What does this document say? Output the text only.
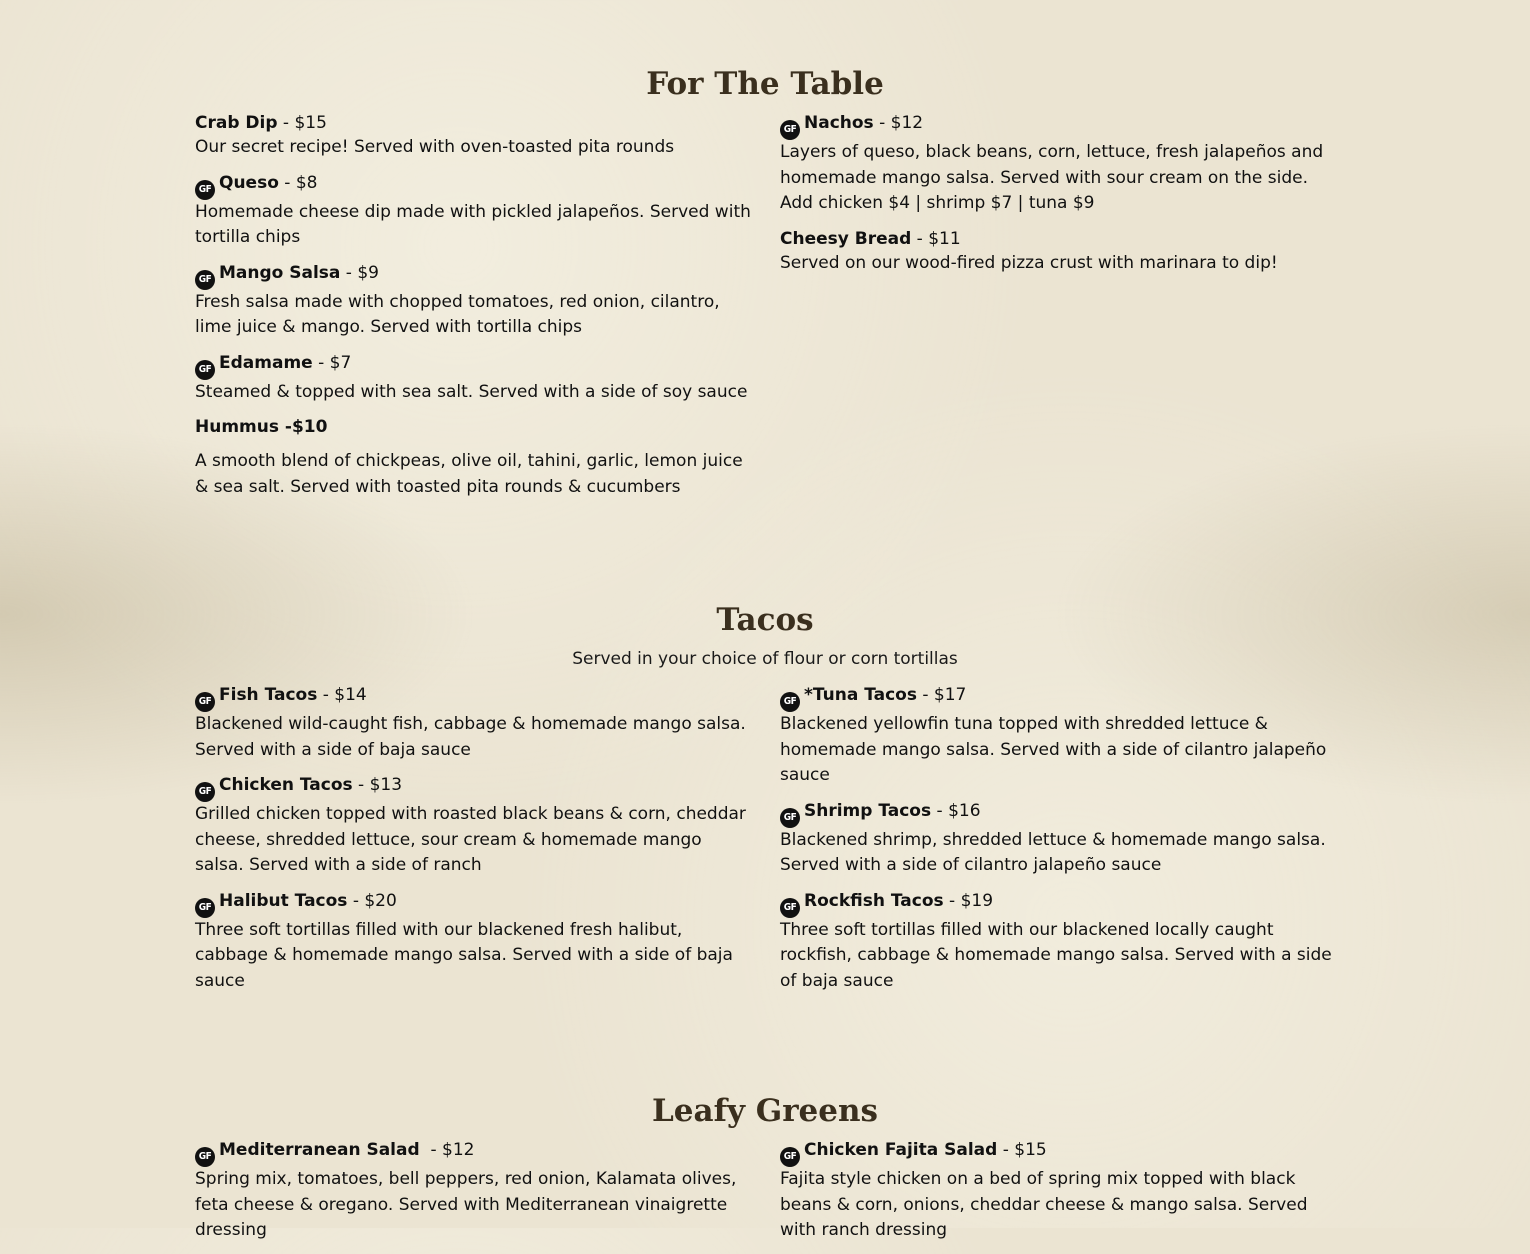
For The Table
Crab Dip - $15
Our secret recipe! Served with oven-toasted pita rounds
GF Queso - $8
Homemade cheese dip made with pickled jalapeños. Served with tortilla chips
GF Mango Salsa - $9
Fresh salsa made with chopped tomatoes, red onion, cilantro, lime juice & mango. Served with tortilla chips
GF Edamame - $7
Steamed & topped with sea salt. Served with a side of soy sauce
Hummus -$10
A smooth blend of chickpeas, olive oil, tahini, garlic, lemon juice & sea salt. Served with toasted pita rounds & cucumbers
GF Nachos - $12
Layers of queso, black beans, corn, lettuce, fresh jalapeños and homemade mango salsa. Served with sour cream on the side.
Add chicken $4 | shrimp $7 | tuna $9
Cheesy Bread - $11
Served on our wood-fired pizza crust with marinara to dip!
Tacos
Served in your choice of flour or corn tortillas
GF Fish Tacos - $14
Blackened wild-caught fish, cabbage & homemade mango salsa. Served with a side of baja sauce
GF Chicken Tacos - $13
Grilled chicken topped with roasted black beans & corn, cheddar cheese, shredded lettuce, sour cream & homemade mango salsa. Served with a side of ranch
GF Halibut Tacos - $20
Three soft tortillas filled with our blackened fresh halibut, cabbage & homemade mango salsa. Served with a side of baja sauce
GF *Tuna Tacos - $17
Blackened yellowfin tuna topped with shredded lettuce & homemade mango salsa. Served with a side of cilantro jalapeño sauce
GF Shrimp Tacos - $16
Blackened shrimp, shredded lettuce & homemade mango salsa. Served with a side of cilantro jalapeño sauce
GF Rockfish Tacos - $19
Three soft tortillas filled with our blackened locally caught rockfish, cabbage & homemade mango salsa. Served with a side of baja sauce
Leafy Greens
GF Mediterranean Salad  - $12
Spring mix, tomatoes, bell peppers, red onion, Kalamata olives, feta cheese & oregano. Served with Mediterranean vinaigrette dressing
GF Chicken Fajita Salad - $15
Fajita style chicken on a bed of spring mix topped with black beans & corn, onions, cheddar cheese & mango salsa. Served with ranch dressing
